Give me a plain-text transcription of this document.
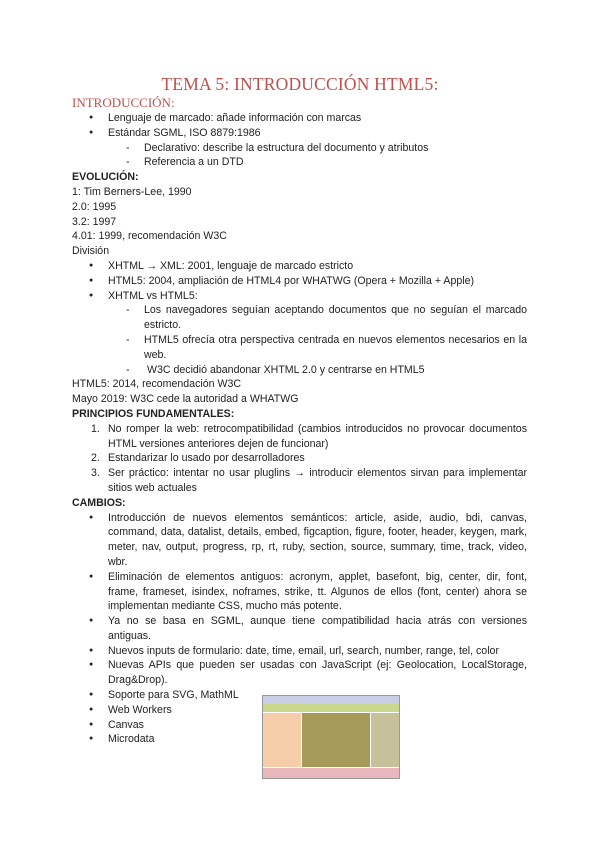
TEMA 5: INTRODUCCIÓN HTML5:
INTRODUCCIÓN:
● Lenguaje de marcado: añade información con marcas
● Estándar SGML, ISO 8879:1986
- Declarativo: describe la estructura del documento y atributos
- Referencia a un DTD

EVOLUCIÓN:

1: Tim Berners-Lee, 1990

2.0: 1995

3.2: 1997

4.01: 1999, recomendación W3C

División

● XHTML → XML: 2001, lenguaje de marcado estricto
● HTML5: 2004, ampliación de HTML4 por WHATWG (Opera + Mozilla + Apple)
● XHTML vs HTML5:
- Los navegadores seguían aceptando documentos que no seguían el marcado estricto.
- HTML5 ofrecía otra perspectiva centrada en nuevos elementos necesarios en la web.
- W3C decidió abandonar XHTML 2.0 y centrarse en HTML5

HTML5: 2014, recomendación W3C

Mayo 2019: W3C cede la autoridad a WHATWG

PRINCIPIOS FUNDAMENTALES:

1. No romper la web: retrocompatibilidad (cambios introducidos no provocar documentos HTML versiones anteriores dejen de funcionar)
2. Estandarizar lo usado por desarrolladores
3. Ser práctico: intentar no usar pluglins → introducir elementos sirvan para implementar sitios web actuales

CAMBIOS:

● Introducción de nuevos elementos semánticos: article, aside, audio, bdi, canvas, command, data, datalist, details, embed, figcaption, figure, footer, header, keygen, mark, meter, nav, output, progress, rp, rt, ruby, section, source, summary, time, track, video, wbr.
● Eliminación de elementos antiguos: acronym, applet, basefont, big, center, dir, font, frame, frameset, isindex, noframes, strike, tt. Algunos de ellos (font, center) ahora se implementan mediante CSS, mucho más potente.
● Ya no se basa en SGML, aunque tiene compatibilidad hacia atrás con versiones antiguas.
● Nuevos inputs de formulario: date, time, email, url, search, number, range, tel, color
● Nuevas APIs que pueden ser usadas con JavaScript (ej: Geolocation, LocalStorage, Drag&Drop).
● Soporte para SVG, MathML
● Web Workers
● Canvas
● Microdata
